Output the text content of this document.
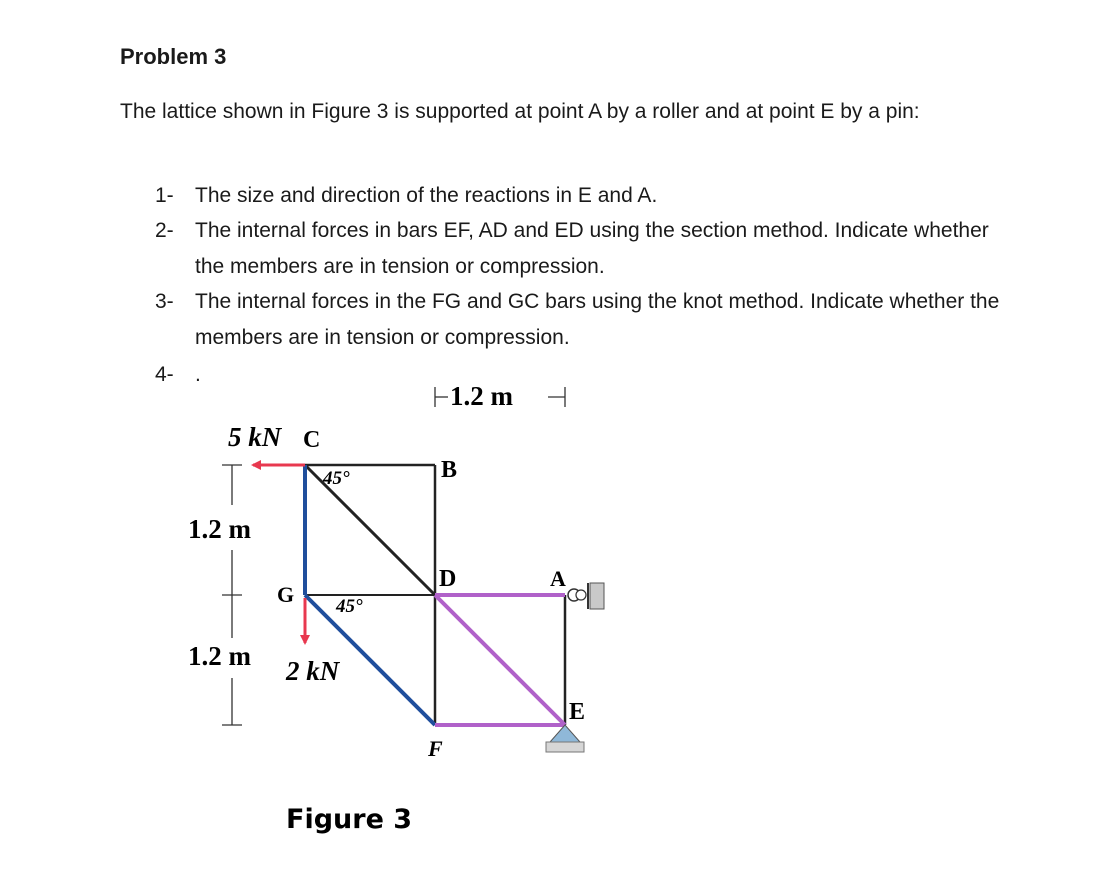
Problem 3
The lattice shown in Figure 3 is supported at point A by a roller and at point E by a pin:
1- The size and direction of the reactions in E and A.
2- The internal forces in bars EF, AD and ED using the section method. Indicate whether the members are in tension or compression.
3- The internal forces in the FG and GC bars using the knot method. Indicate whether the members are in tension or compression.
4- .
1.2 m
1.2 m
1.2 m
5 kN C
B
D	A
G
E
F
45°
45°
2 kN
Figure 3
